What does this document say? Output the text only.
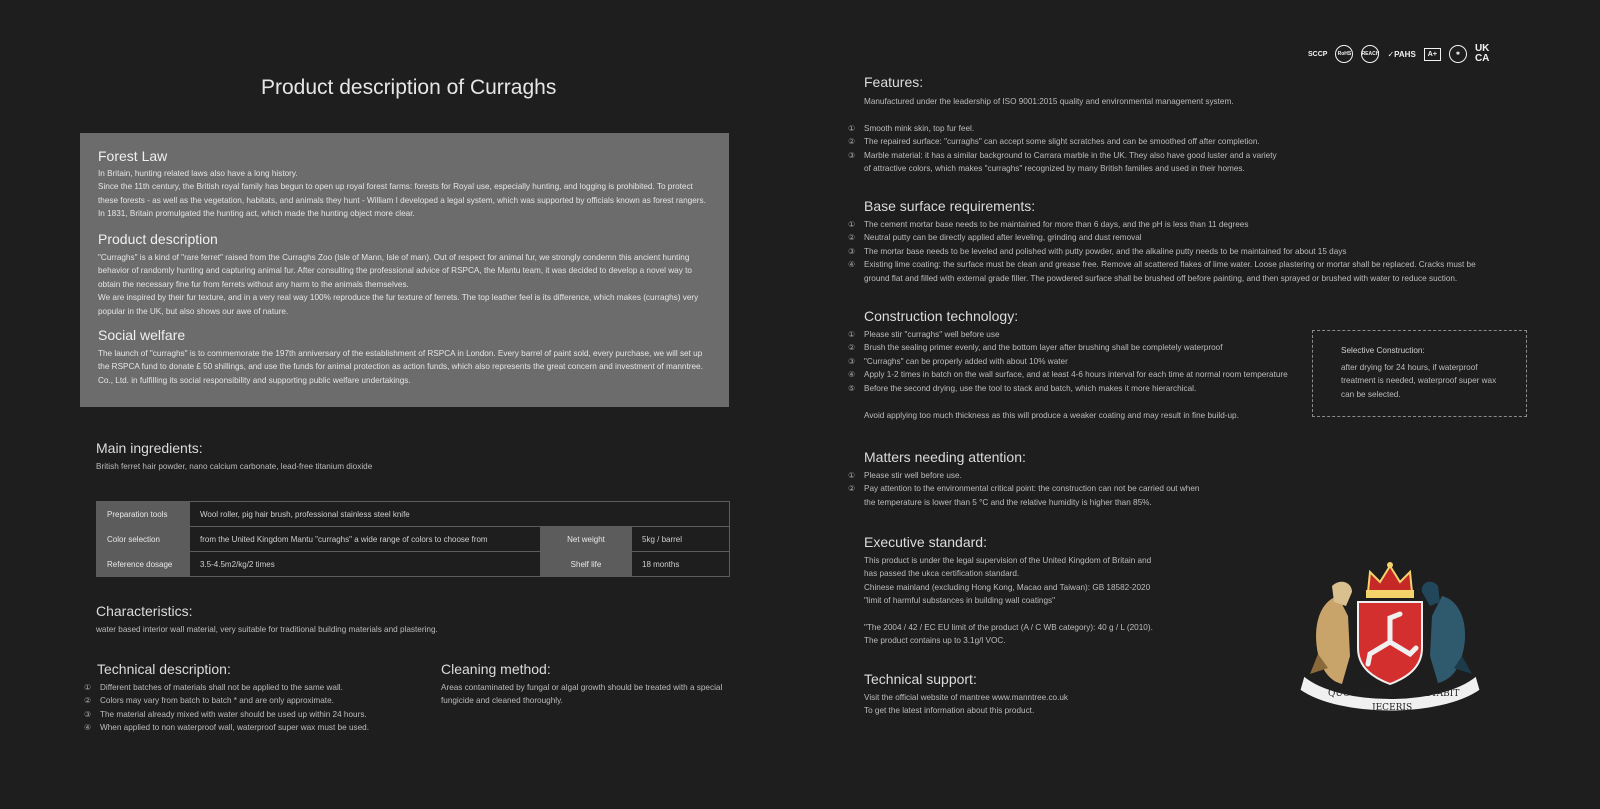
Product description of Curraghs
Forest Law
In Britain, hunting related laws also have a long history.
Since the 11th century, the British royal family has begun to open up royal forest farms: forests for Royal use, especially hunting, and logging is prohibited. To protect these forests - as well as the vegetation, habitats, and animals they hunt - William I developed a legal system, which was supported by officials known as forest rangers. In 1831, Britain promulgated the hunting act, which made the hunting object more clear.
Product description
"Curraghs" is a kind of "rare ferret" raised from the Curraghs Zoo (Isle of Mann, Isle of man). Out of respect for animal fur, we strongly condemn this ancient hunting behavior of randomly hunting and capturing animal fur. After consulting the professional advice of RSPCA, the Mantu team, it was decided to develop a novel way to obtain the necessary fine fur from ferrets without any harm to the animals themselves.
We are inspired by their fur texture, and in a very real way 100% reproduce the fur texture of ferrets. The top leather feel is its difference, which makes (curraghs) very popular in the UK, but also shows our awe of nature.
Social welfare
The launch of "curraghs" is to commemorate the 197th anniversary of the establishment of RSPCA in London. Every barrel of paint sold, every purchase, we will set up the RSPCA fund to donate £ 50 shillings, and use the funds for animal protection as action funds, which also represents the great concern and investment of manntree. Co., Ltd. in fulfilling its social responsibility and supporting public welfare undertakings.
Main ingredients:
British ferret hair powder, nano calcium carbonate, lead-free titanium dioxide
Preparation tools	Wool roller, pig hair brush, professional stainless steel knife		
Color selection	from the United Kingdom Mantu "curraghs" a wide range of colors to choose from	Net weight	5kg / barrel
Reference dosage	3.5-4.5m2/kg/2 times	Shelf life	18 months
Characteristics:
water based interior wall material, very suitable for traditional building materials and plastering.
Technical description:
① Different batches of materials shall not be applied to the same wall.
② Colors may vary from batch to batch * and are only approximate.
③ The material already mixed with water should be used up within 24 hours.
④ When applied to non waterproof wall, waterproof super wax must be used.
Cleaning method:
Areas contaminated by fungal or algal growth should be treated with a special fungicide and cleaned thoroughly.
SCCP	RoHS	REACH ✓ PAHS	A+	✱	UK
CA
Features:
Manufactured under the leadership of ISO 9001:2015 quality and environmental management system.
① Smooth mink skin, top fur feel.
② The repaired surface: "curraghs" can accept some slight scratches and can be smoothed off after completion.
③ Marble material: it has a similar background to Carrara marble in the UK. They also have good luster and a variety of attractive colors, which makes "curraghs" recognized by many British families and used in their homes.
Base surface requirements:
① The cement mortar base needs to be maintained for more than 6 days, and the pH is less than 11 degrees
② Neutral putty can be directly applied after leveling, grinding and dust removal
③ The mortar base needs to be leveled and polished with putty powder, and the alkaline putty needs to be maintained for about 15 days
④ Existing lime coating: the surface must be clean and grease free. Remove all scattered flakes of lime water. Loose plastering or mortar shall be replaced. Cracks must be ground flat and filled with external grade filler. The powdered surface shall be brushed off before painting, and then sprayed or brushed with water to reduce suction.
Construction technology:
① Please stir "curraghs" well before use
② Brush the sealing primer evenly, and the bottom layer after brushing shall be completely waterproof
③ "Curraghs" can be properly added with about 10% water
④ Apply 1-2 times in batch on the wall surface, and at least 4-6 hours interval for each time at normal room temperature
⑤ Before the second drying, use the tool to stack and batch, which makes it more hierarchical.
Avoid applying too much thickness as this will produce a weaker coating and may result in fine build-up.
Selective Construction:
after drying for 24 hours, if waterproof treatment is needed, waterproof super wax can be selected.
Matters needing attention:
① Please stir well before use.
② Pay attention to the environmental critical point: the construction can not be carried out when the temperature is lower than 5 °C and the relative humidity is higher than 85%.
Executive standard:
This product is under the legal supervision of the United Kingdom of Britain and has passed the ukca certification standard.
Chinese mainland (excluding Hong Kong, Macao and Taiwan): GB 18582-2020
"limit of harmful substances in building wall coatings"
"The 2004 / 42 / EC EU limit of the product (A / C WB category): 40 g / L (2010). The product contains up to 3.1g/l VOC.
Technical support:
Visit the official website of mantree www.manntree.co.uk
To get the latest information about this product.
QUOCUNQUE
JECERIS
STABIT
